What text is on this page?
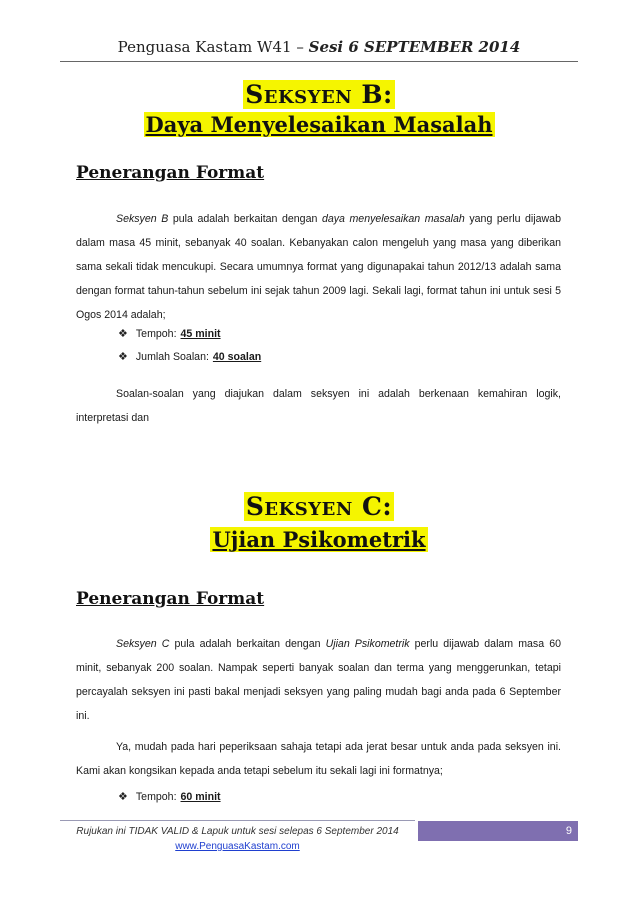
Penguasa Kastam W41 – Sesi 6 SEPTEMBER 2014
Seksyen B:
Daya Menyelesaikan Masalah
Penerangan Format
Seksyen B pula adalah berkaitan dengan daya menyelesaikan masalah yang perlu dijawab dalam masa 45 minit, sebanyak 40 soalan. Kebanyakan calon mengeluh yang masa yang diberikan sama sekali tidak mencukupi. Secara umumnya format yang digunapakai tahun 2012/13 adalah sama dengan format tahun-tahun sebelum ini sejak tahun 2009 lagi. Sekali lagi, format tahun ini untuk sesi 5 Ogos 2014 adalah;
❖ Tempoh: 45 minit
❖ Jumlah Soalan: 40 soalan
Soalan-soalan yang diajukan dalam seksyen ini adalah berkenaan kemahiran logik, interpretasi dan
Seksyen C:
Ujian Psikometrik
Penerangan Format
Seksyen C pula adalah berkaitan dengan Ujian Psikometrik perlu dijawab dalam masa 60 minit, sebanyak 200 soalan. Nampak seperti banyak soalan dan terma yang menggerunkan, tetapi percayalah seksyen ini pasti bakal menjadi seksyen yang paling mudah bagi anda pada 6 September ini.
Ya, mudah pada hari peperiksaan sahaja tetapi ada jerat besar untuk anda pada seksyen ini. Kami akan kongsikan kepada anda tetapi sebelum itu sekali lagi ini formatnya;
❖ Tempoh: 60 minit
Rujukan ini TIDAK VALID & Lapuk untuk sesi selepas 6 September 2014
www.PenguasaKastam.com
9
